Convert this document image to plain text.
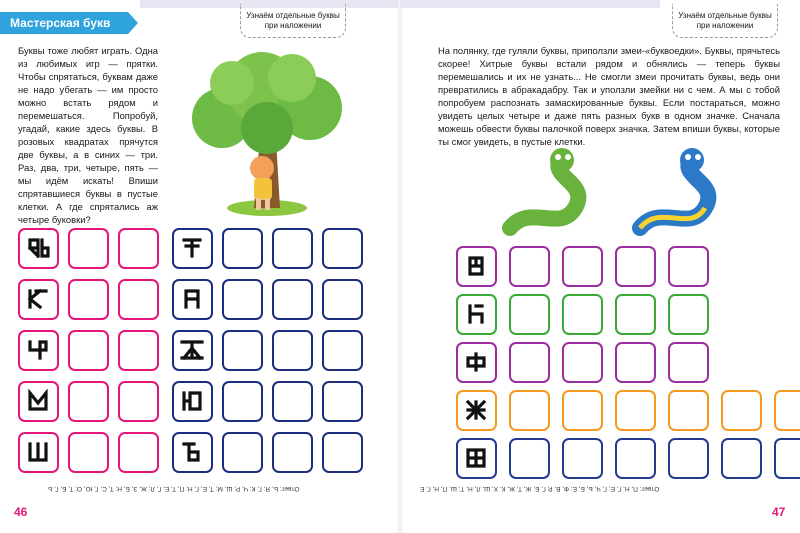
Мастерская букв
Узнаём отдельные буквы при наложении
Буквы тоже любят играть. Одна из любимых игр — прятки. Чтобы спрятаться, буквам даже не надо убегать — им просто можно встать рядом и перемешаться. Попробуй, угадай, какие здесь буквы. В розовых квадратах прячутся две буквы, а в синих — три. Раз, два, три, четыре, пять — мы идём искать! Впиши спрятавшиеся буквы в пустые клетки. А где спрятались аж четыре буковки?
Ответ: Ь, Я; Г, К; Ч, Р; Ш, М; Т, Е, Г, Н; П, Т, Е, Г, Л; Ж, З, Б, Н; Т, С, Г, Ю, О; Т, Б, Г, Ь
46
Узнаём отдельные буквы при наложении
На полянку, где гуляли буквы, приползли змеи-«буквоедки». Буквы, прячьтесь скорее! Хитрые буквы встали рядом и обнялись — теперь буквы перемешались и их не узнать... Не смогли змеи прочитать буквы, ведь они превратились в абракадабру. Так и уползли змейки ни с чем. А мы с тобой попробуем распознать замаскированные буквы. Если постараться, можно увидеть целых четыре и даже пять разных букв в одном значке. Сначала можешь обвести буквы палочкой поверх значка. Затем впиши буквы, которые ты смог увидеть, в пустые клетки.
Ответ: П, Н, Г, Е; Г, Ч, Ь, Б, Е; Ф, В, Р, Г, Б; Ж, Т, Ж, К, Х, Ш, Л, Н, Т; Ш, П, Н, Г, Е
47
